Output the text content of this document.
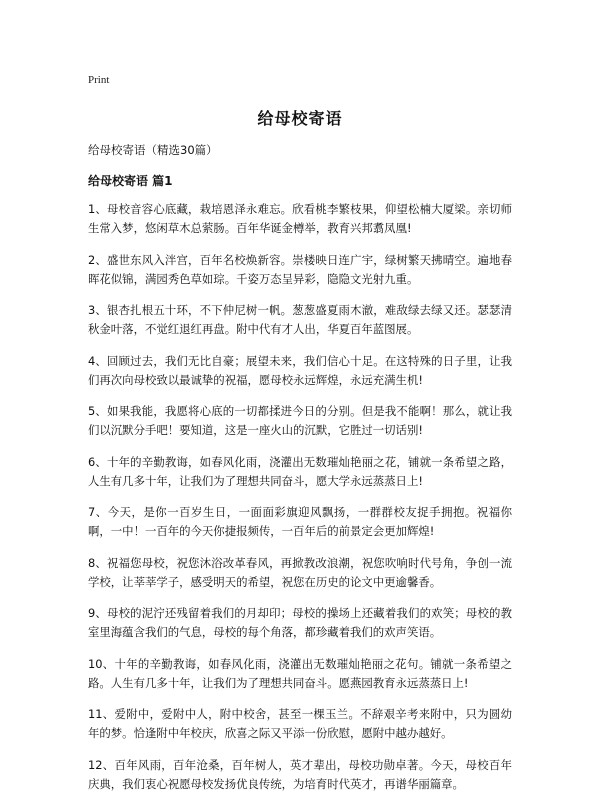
Print
给母校寄语
给母校寄语（精选30篇）
给母校寄语 篇1

1、母校音容心底藏，栽培恩泽永难忘。欣看桃李繁枝果，仰望松楠大厦梁。亲切师生常入梦，悠闲草木总萦肠。百年华诞金樽举，教育兴邦翥凤凰!

2、盛世东风入泮宫，百年名校焕新容。崇楼映日连广宇，绿树繁天拂晴空。遍地春晖花似锦，满园秀色草如琮。千姿万态呈异彩，隐隐文光射九重。

3、银杏扎根五十环，不下仲尼树一帆。葱葱盛夏雨木澈，难敌绿去绿又还。瑟瑟清秋金叶落，不觉红退红再盘。附中代有才人出，华夏百年蓝图展。

4、回顾过去，我们无比自豪；展望未来，我们信心十足。在这特殊的日子里，让我们再次向母校致以最诚挚的祝福，愿母校永远辉煌，永远充满生机!

5、如果我能，我愿将心底的一切都揉进今日的分别。但是我不能啊！那么，就让我们以沉默分手吧！要知道，这是一座火山的沉默，它胜过一切话别!

6、十年的辛勤教诲，如春风化雨，浇灌出无数璀灿艳丽之花，铺就一条希望之路，人生有几多十年，让我们为了理想共同奋斗，愿大学永远蒸蒸日上!

7、今天，是你一百岁生日，一面面彩旗迎风飘扬，一群群校友捉手拥抱。祝福你啊，一中！一百年的今天你捷报频传，一百年后的前景定会更加辉煌!

8、祝福您母校，祝您沐浴改革春风，再掀教改浪潮，祝您吹响时代号角，争创一流学校，让莘莘学子，感受明天的希望，祝您在历史的论文中更逾馨香。

9、母校的泥泞还残留着我们的月却印；母校的操场上还藏着我们的欢笑；母校的教室里海蕴含我们的气息，母校的每个角落，都珍藏着我们的欢声笑语。

10、十年的辛勤教诲，如春风化雨，浇灌出无数璀灿艳丽之花句。铺就一条希望之路。人生有几多十年，让我们为了理想共同奋斗。愿燕园教育永远蒸蒸日上!

11、爱附中，爱附中人，附中校舍，甚至一棵玉兰。不辞艰辛考来附中，只为圆幼年的梦。恰逢附中年校庆，欣喜之际又平添一份欣慰，愿附中越办越好。

12、百年风雨，百年沧桑，百年树人，英才辈出，母校功勋卓著。今天，母校百年庆典，我们衷心祝愿母校发扬优良传统，为培育时代英才，再谱华丽篇章。
